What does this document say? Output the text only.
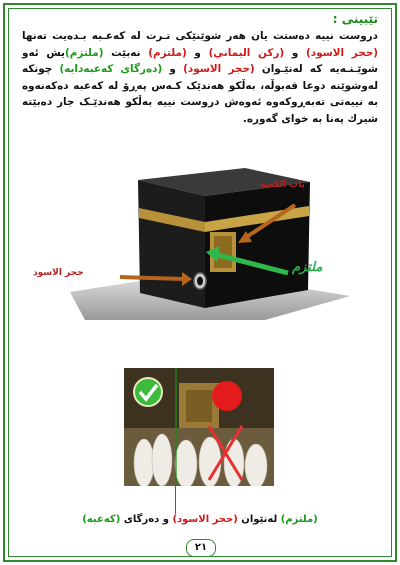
تێبینی :
دروست نییە دەستت یان هەر شوێنێکی تـرت لە کەعـبە بـدەیت تەنها (حجر الاسود) و (ركن اليماني) و (ملتزم) نەبێت (ملتزم)یش ئەو شوێـنـەیە کە لەنێـوان (حجر الاسود) و (دەرگای کەعبەدایە) چونکە لەوشوێنە دوعا قەبوڵە، بەڵکو هەندێک کـەس پەڕۆ لە کەعبە دەکەنەوە بە نییەتی تەبەڕوکەوە ئەوەش دروست نییە بەڵکو هەندێـک جار دەبێتە شیرك پەنا بە خوای گەورە.
باب الكعبة
ملتزم
حجر الاسود
(ملتزم) لەنێوان (حجر الاسود) و دەرگای (کەعبە)
٢١
